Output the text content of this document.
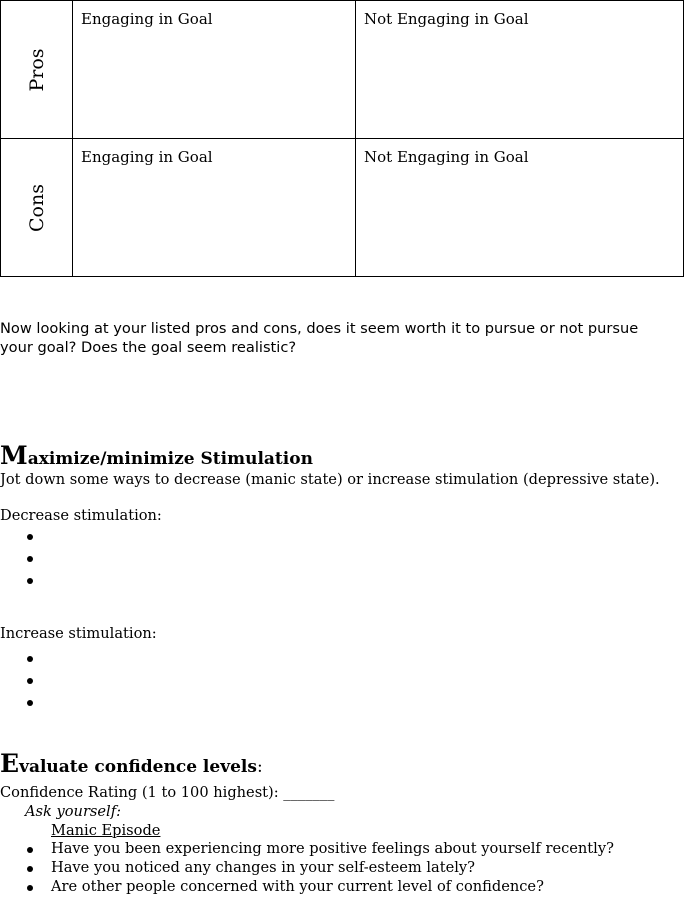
Pros
Engaging in Goal	Not Engaging in Goal
Cons
Engaging in Goal	Not Engaging in Goal
Now looking at your listed pros and cons, does it seem worth it to pursue or not pursue your goal? Does the goal seem realistic?
Maximize/minimize Stimulation
Jot down some ways to decrease (manic state) or increase stimulation (depressive state).
Decrease stimulation:
Increase stimulation:
Evaluate confidence levels:
Confidence Rating (1 to 100 highest): _______
Ask yourself:
Manic Episode
Have you been experiencing more positive feelings about yourself recently?
Have you noticed any changes in your self-esteem lately?
Are other people concerned with your current level of confidence?
